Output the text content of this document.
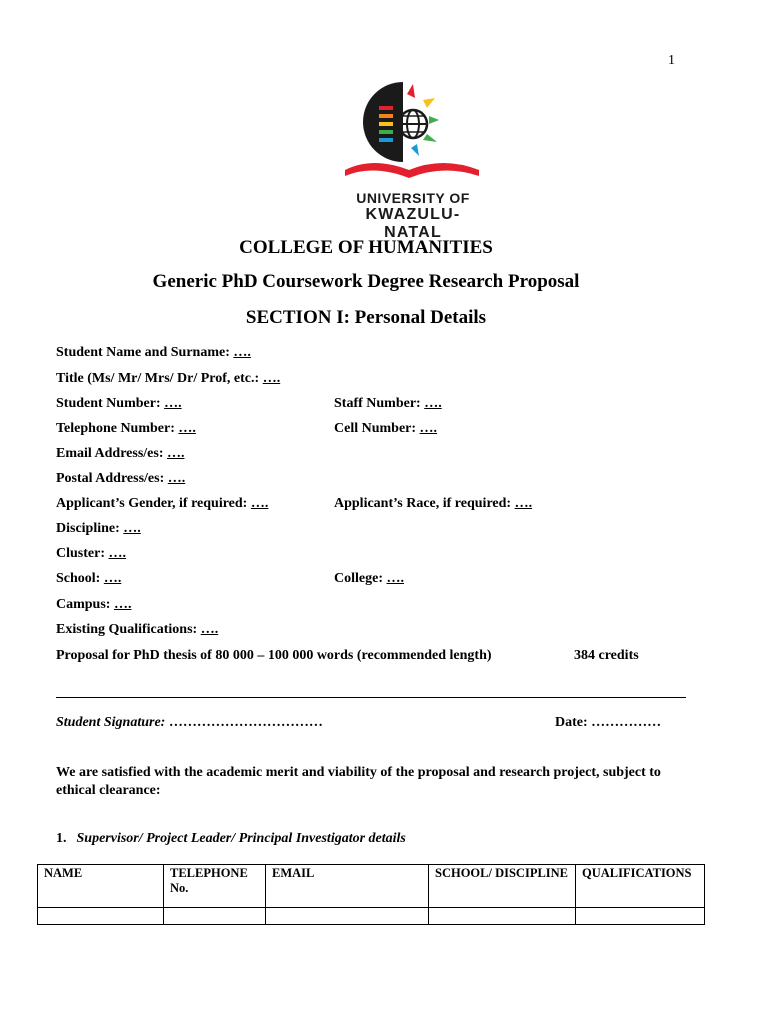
1
UNIVERSITY OF
KWAZULU-NATAL
COLLEGE OF HUMANITIES
Generic PhD Coursework Degree Research Proposal
SECTION I: Personal Details
Student Name and Surname: ….
Title (Ms/ Mr/ Mrs/ Dr/ Prof, etc.: ….
Student Number: ….	Staff Number: ….
Telephone Number: ….	Cell Number: ….
Email Address/es: ….
Postal Address/es: ….
Applicant’s Gender, if required: ….	Applicant’s Race, if required: ….
Discipline: ….
Cluster: ….
School: ….	College: ….
Campus: ….
Existing Qualifications: ….
Proposal for PhD thesis of 80 000 – 100 000 words (recommended length)	384 credits
Student Signature: ……………………………	Date: ……………
We are satisfied with the academic merit and viability of the proposal and research project, subject to ethical clearance:
1. Supervisor/ Project Leader/ Principal Investigator details
NAME	TELEPHONE No.	EMAIL	SCHOOL/ DISCIPLINE	QUALIFICATIONS
